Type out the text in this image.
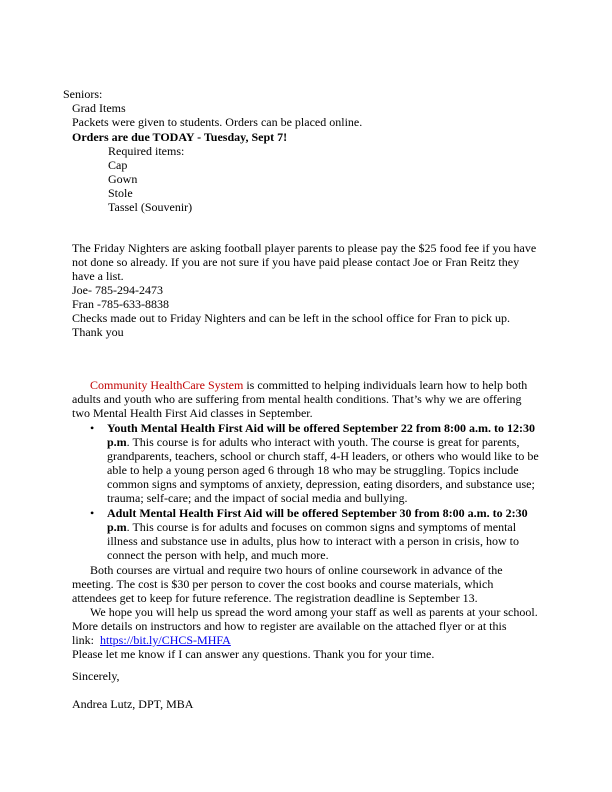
Seniors:
Grad Items
Packets were given to students. Orders can be placed online.
Orders are due TODAY - Tuesday, Sept 7!
Required items:
Cap
Gown
Stole
Tassel (Souvenir)
The Friday Nighters are asking football player parents to please pay the $25 food fee if you have
not done so already. If you are not sure if you have paid please contact Joe or Fran Reitz they
have a list.
Joe- 785-294-2473
Fran -785-633-8838
Checks made out to Friday Nighters and can be left in the school office for Fran to pick up.
Thank you
Community HealthCare System is committed to helping individuals learn how to help both
adults and youth who are suffering from mental health conditions. That’s why we are offering
two Mental Health First Aid classes in September.
• Youth Mental Health First Aid will be offered September 22 from 8:00 a.m. to 12:30
p.m. This course is for adults who interact with youth. The course is great for parents,
grandparents, teachers, school or church staff, 4-H leaders, or others who would like to be
able to help a young person aged 6 through 18 who may be struggling. Topics include
common signs and symptoms of anxiety, depression, eating disorders, and substance use;
trauma; self-care; and the impact of social media and bullying.
• Adult Mental Health First Aid will be offered September 30 from 8:00 a.m. to 2:30
p.m. This course is for adults and focuses on common signs and symptoms of mental
illness and substance use in adults, plus how to interact with a person in crisis, how to
connect the person with help, and much more.
Both courses are virtual and require two hours of online coursework in advance of the
meeting. The cost is $30 per person to cover the cost books and course materials, which
attendees get to keep for future reference. The registration deadline is September 13.
We hope you will help us spread the word among your staff as well as parents at your school.
More details on instructors and how to register are available on the attached flyer or at this
link:  https://bit.ly/CHCS-MHFA
Please let me know if I can answer any questions. Thank you for your time.
Sincerely,
Andrea Lutz, DPT, MBA
